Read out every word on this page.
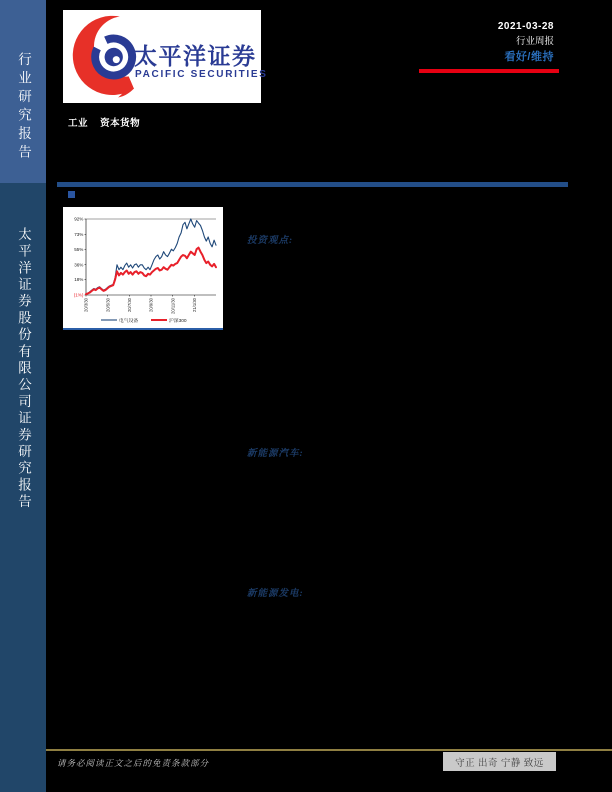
行业研究报告
太平洋证券股份有限公司证券研究报告
太平洋证券
PACIFIC SECURITIES
工业 资本货物
2021-03-28
行业周报
看好/维持
92%
73%
55%
36%
18%
(1%)
20/3/30	20/5/30	20/7/30	20/9/30	20/11/30	21/1/30
电气设备	沪深300
投资观点:
新能源汽车:
新能源发电:
请务必阅读正文之后的免责条款部分	守正 出奇 宁静 致远
